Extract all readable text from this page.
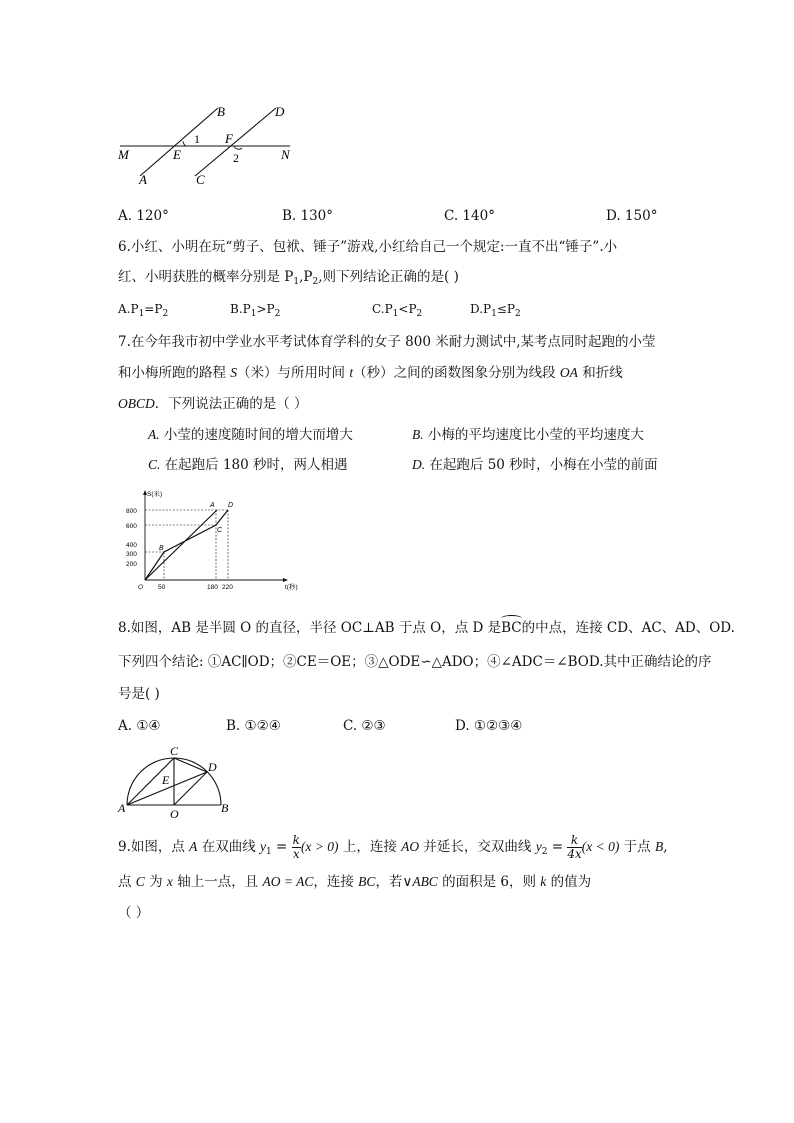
B	D
1 F
M	E	N
2
A	C
A. 120°	B. 130°	C. 140°	D. 150°
6.小红、小明在玩“剪子、包袱、锤子”游戏,小红给自己一个规定:一直不出“锤子”.小
红、小明获胜的概率分别是 $P_1,P_2$,则下列结论正确的是( )
$A.P_1=P_2$	$B.P_1>P_2$	$C.P_1<P_2$	$D.P_1\le P_2$
7.在今年我市初中学业水平考试体育学科的女子 800 米耐力测试中,某考点同时起跑的小莹
和小梅所跑的路程 S（米）与所用时间 t（秒）之间的函数图象分别为线段 OA 和折线
OBCD．下列说法正确的是（ ）
A. 小莹的速度随时间的增大而增大	B. 小梅的平均速度比小莹的平均速度大
C. 在起跑后 180 秒时，两人相遇	D. 在起跑后 50 秒时，小梅在小莹的前面
S(米)
t(秒)
O
800
600
400
300
200
50	180 220
A D
B
C
8.如图，AB 是半圆 O 的直径，半径 OC⊥AB 于点 O，点 D 是
BC的中点，连接 CD、AC、AD、OD.
下列四个结论: ①AC∥OD；②CE＝OE；③△ODE∽△ADO；④∠ADC＝∠BOD.其中正确结论的序
号是( )
A. ①④	B. ①②④	C. ②③	D. ①②③④
C
D
E
A	O	B
9.如图，点 A 在双曲线 $y_1 = \frac{k}{x} (x > 0)$ 上，连接 AO 并延长，交双曲线 $y_2 = \frac{k}{4x} (x < 0)$ 于点 B,
点 C 为 x 轴上一点，且 AO = AC，连接 BC，若∨ABC 的面积是 6，则 k 的值为
（ ）
